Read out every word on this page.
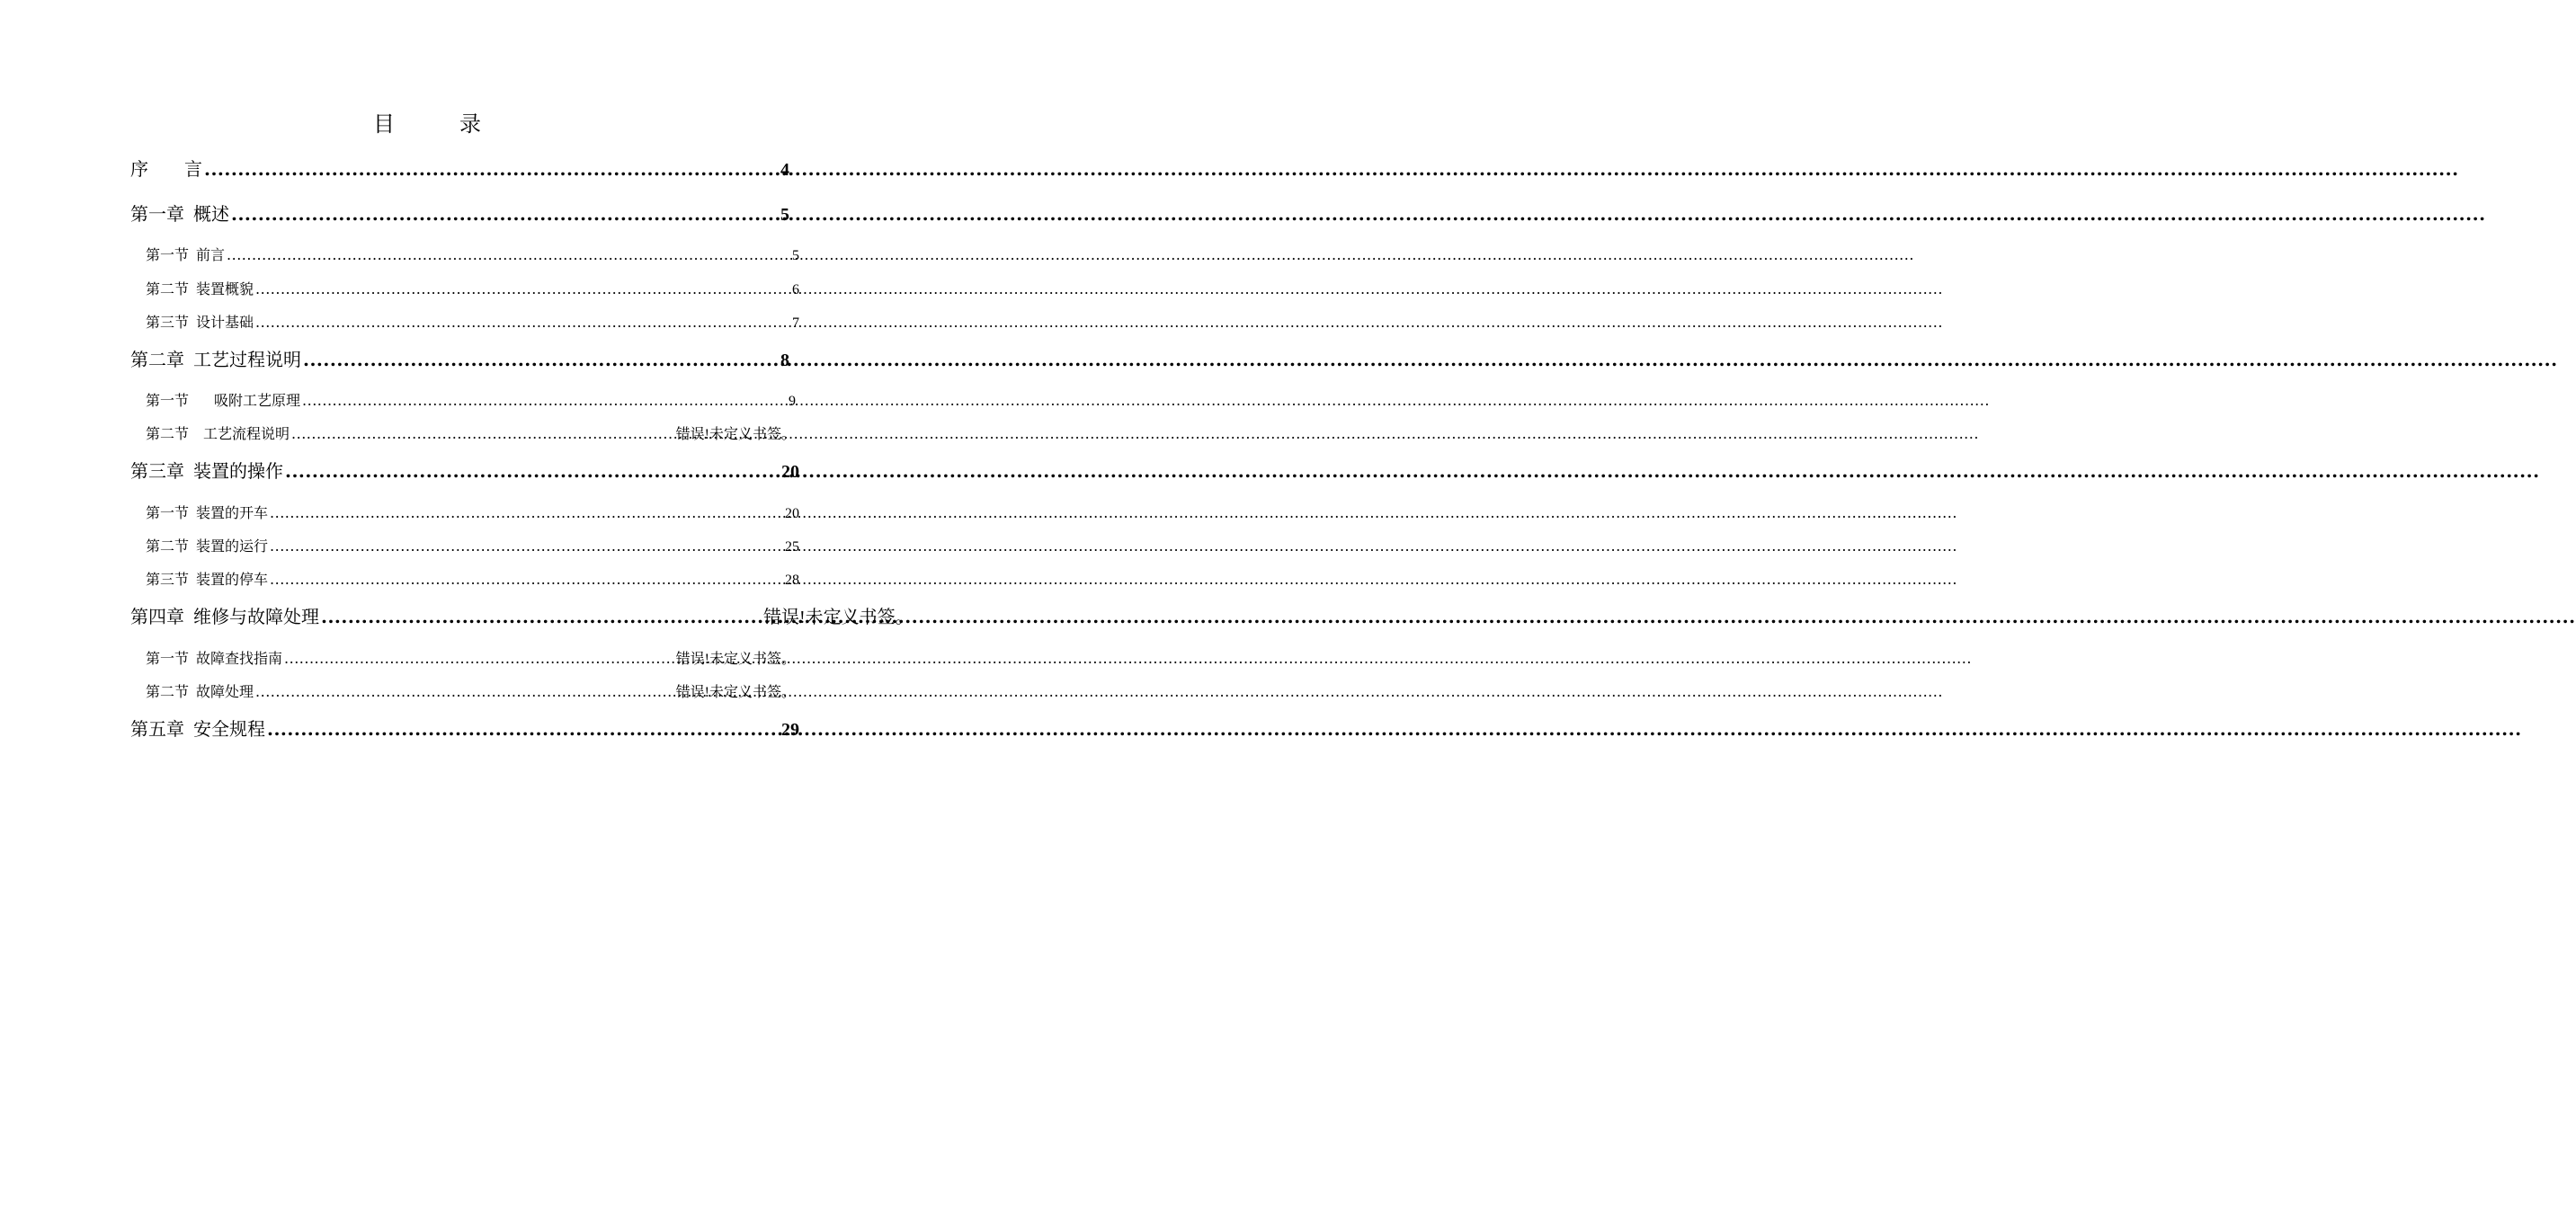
目　录
序　　言 .....	4
第一章 概述 .....	5
第一节 前言 .....	5
第二节 装置概貌 .....	6
第三节 设计基础 .....	7
第二章 工艺过程说明 .....	8
第一节 吸附工艺原理 .....	9
第二节 工艺流程说明 .....	错误!未定义书签。
第三章 装置的操作 .....	20
第一节 装置的开车 .....	20
第二节 装置的运行 .....	25
第三节 装置的停车 .....	28
第四章 维修与故障处理 .....	错误!未定义书签。
第一节 故障查找指南 .....	错误!未定义书签。
第二节 故障处理 .....	错误!未定义书签。
第五章 安全规程 .....	29
